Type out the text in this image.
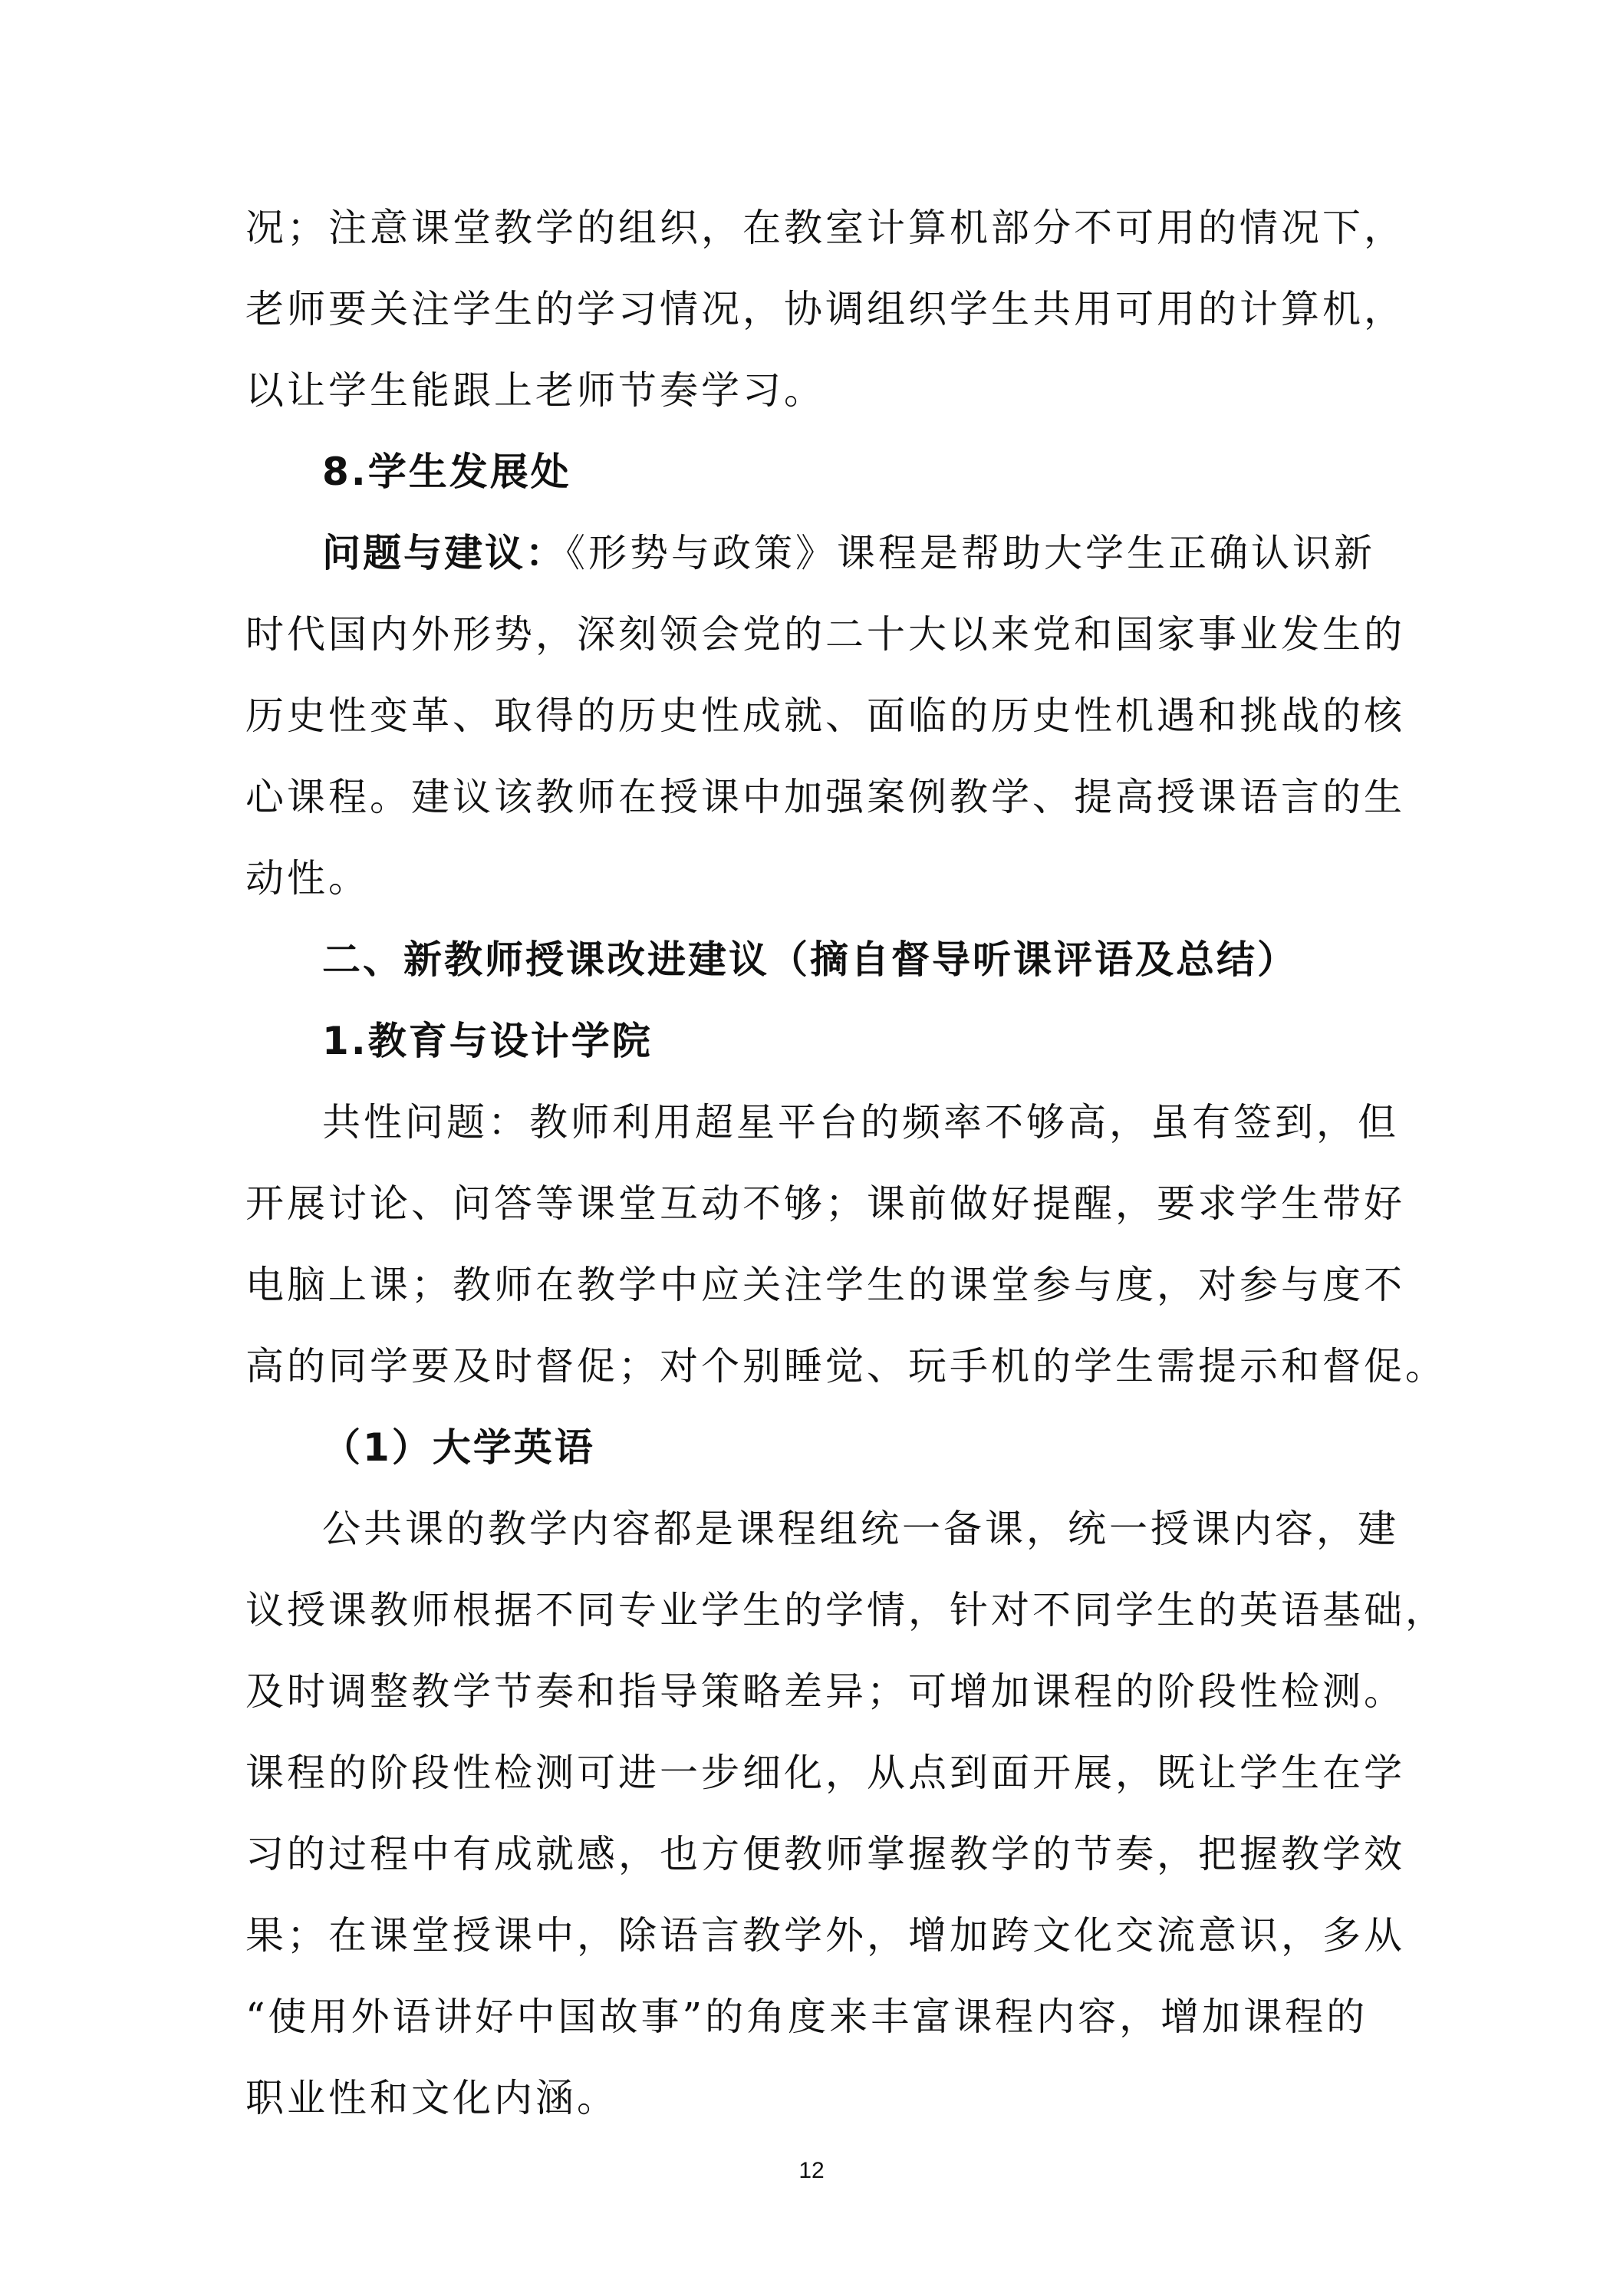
况；注意课堂教学的组织，在教室计算机部分不可用的情况下，

老师要关注学生的学习情况，协调组织学生共用可用的计算机，

以让学生能跟上老师节奏学习。

8.学生发展处

问题与建议：《形势与政策》课程是帮助大学生正确认识新

时代国内外形势，深刻领会党的二十大以来党和国家事业发生的

历史性变革、取得的历史性成就、面临的历史性机遇和挑战的核

心课程。建议该教师在授课中加强案例教学、提高授课语言的生

动性。

二、新教师授课改进建议（摘自督导听课评语及总结）

1.教育与设计学院

共性问题：教师利用超星平台的频率不够高，虽有签到，但

开展讨论、问答等课堂互动不够；课前做好提醒，要求学生带好

电脑上课；教师在教学中应关注学生的课堂参与度，对参与度不

高的同学要及时督促；对个别睡觉、玩手机的学生需提示和督促。

（1）大学英语

公共课的教学内容都是课程组统一备课，统一授课内容，建

议授课教师根据不同专业学生的学情，针对不同学生的英语基础，

及时调整教学节奏和指导策略差异；可增加课程的阶段性检测。

课程的阶段性检测可进一步细化，从点到面开展，既让学生在学

习的过程中有成就感，也方便教师掌握教学的节奏，把握教学效

果；在课堂授课中，除语言教学外，增加跨文化交流意识，多从

“使用外语讲好中国故事”的角度来丰富课程内容，增加课程的

职业性和文化内涵。

12
